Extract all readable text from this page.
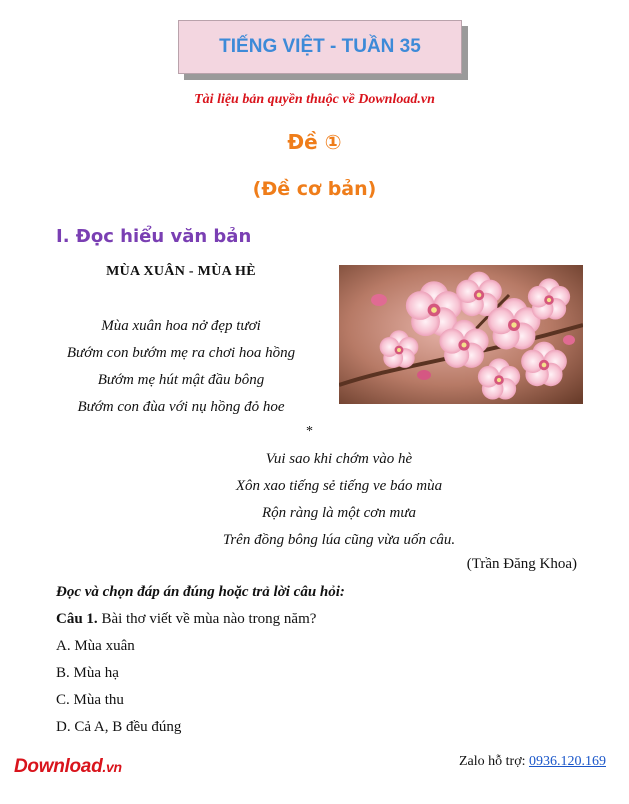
TIẾNG VIỆT - TUẦN 35
Tài liệu bản quyền thuộc về Download.vn
Đề ①
(Đề cơ bản)
I. Đọc hiểu văn bản
MÙA XUÂN - MÙA HÈ
Mùa xuân hoa nở đẹp tươi
Bướm con bướm mẹ ra chơi hoa hồng
Bướm mẹ hút mật đầu bông
Bướm con đùa với nụ hồng đỏ hoe
*
Vui sao khi chớm vào hè
Xôn xao tiếng sẻ tiếng ve báo mùa
Rộn ràng là một cơn mưa
Trên đồng bông lúa cũng vừa uốn câu.
(Trần Đăng Khoa)
Đọc và chọn đáp án đúng hoặc trả lời câu hỏi:
Câu 1. Bài thơ viết về mùa nào trong năm?
A. Mùa xuân
B. Mùa hạ
C. Mùa thu
D. Cả A, B đều đúng
Download.vn	Zalo hỗ trợ: 0936.120.169
